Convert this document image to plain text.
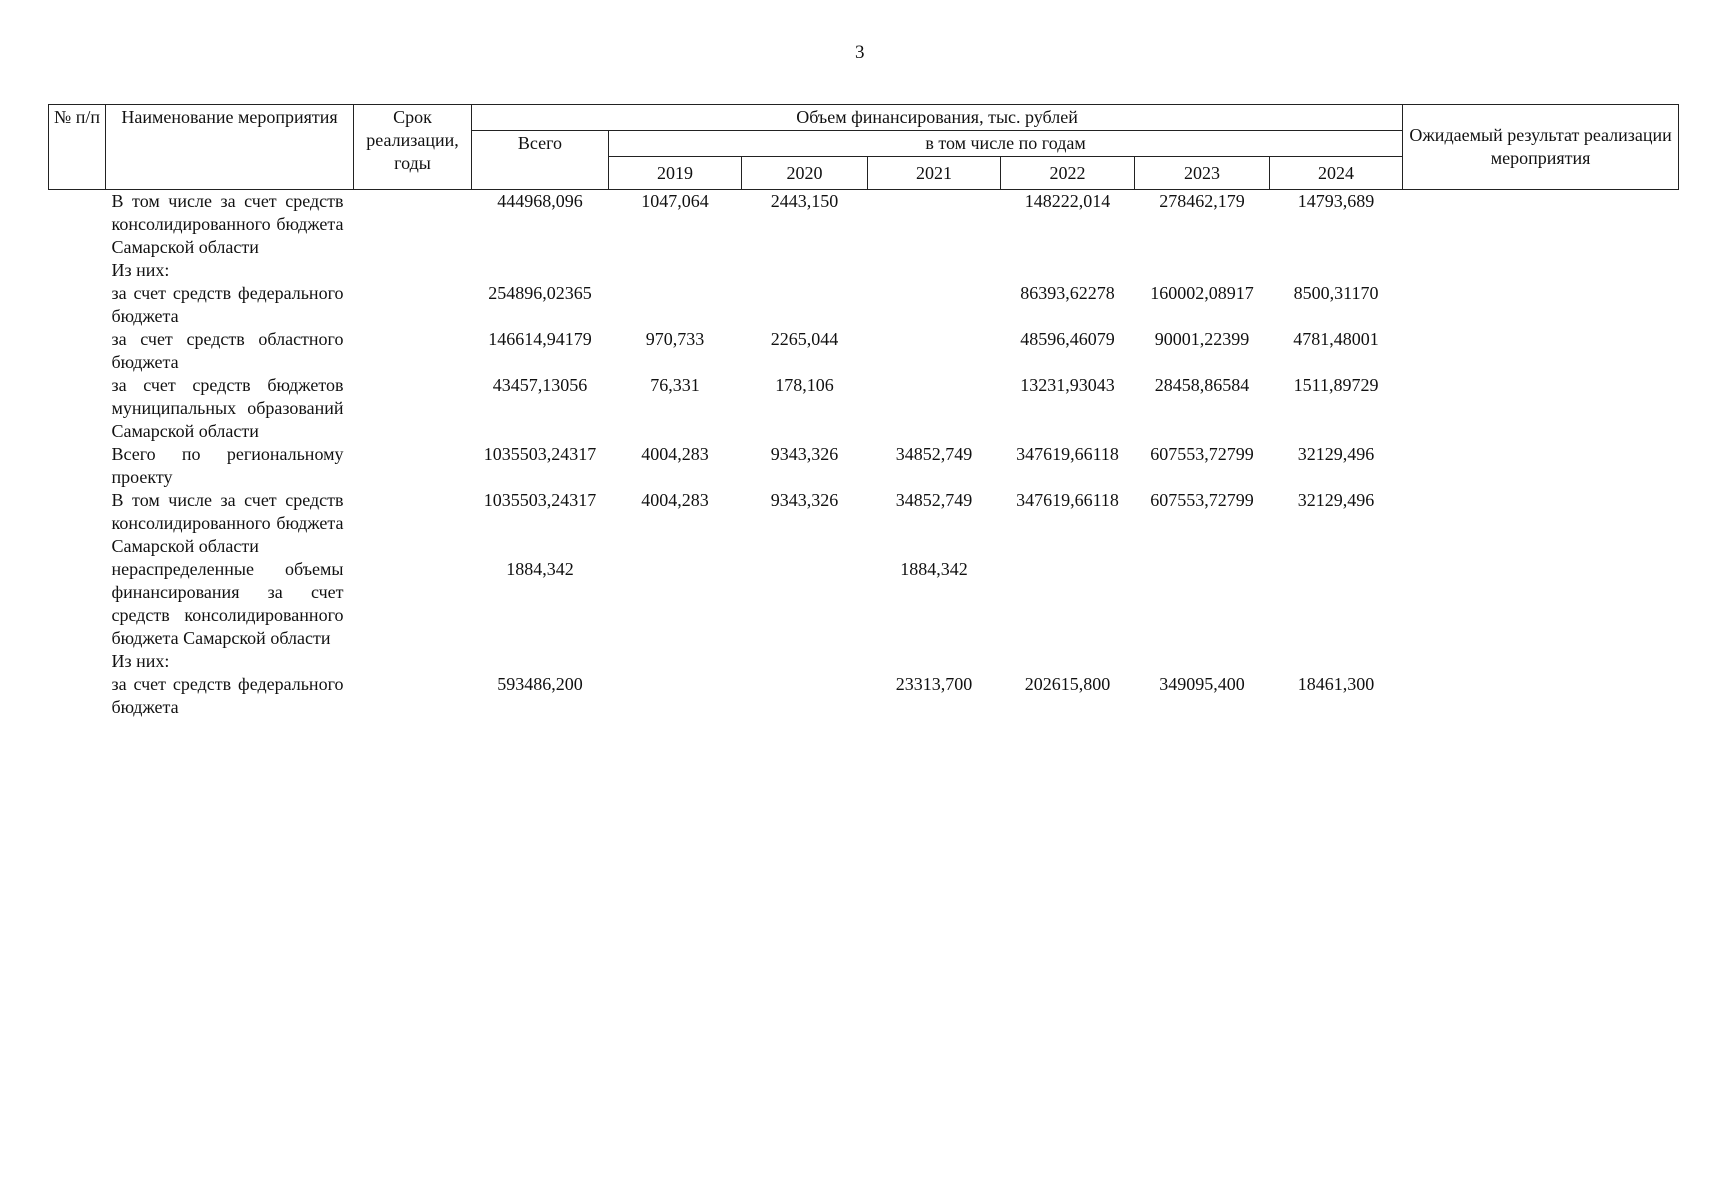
3
№ п/п	Наименование мероприятия	Срок реализации, годы	Объем финансирования, тыс. рублей							Ожидаемый результат реализации мероприятия
			Всего	в том числе по годам						
				2019	2020	2021	2022	2023	2024	
	В том числе за счет средств консолидированного бюджета Самарской области		444968,096	1047,064	2443,150		148222,014	278462,179	14793,689	
	Из них:									
	за счет средств федерального бюджета		254896,02365				86393,62278	160002,08917	8500,31170	
	за счет средств областного бюджета		146614,94179	970,733	2265,044		48596,46079	90001,22399	4781,48001	
	за счет средств бюджетов муниципальных образований Самарской области		43457,13056	76,331	178,106		13231,93043	28458,86584	1511,89729	
	Всего по региональному проекту		1035503,24317	4004,283	9343,326	34852,749	347619,66118	607553,72799	32129,496	
	В том числе за счет средств консолидированного бюджета Самарской области		1035503,24317	4004,283	9343,326	34852,749	347619,66118	607553,72799	32129,496	
	нераспределенные объемы финансирования за счет средств консолидированного бюджета Самарской области		1884,342			1884,342				
	Из них:									
	за счет средств федерального бюджета		593486,200			23313,700	202615,800	349095,400	18461,300	
